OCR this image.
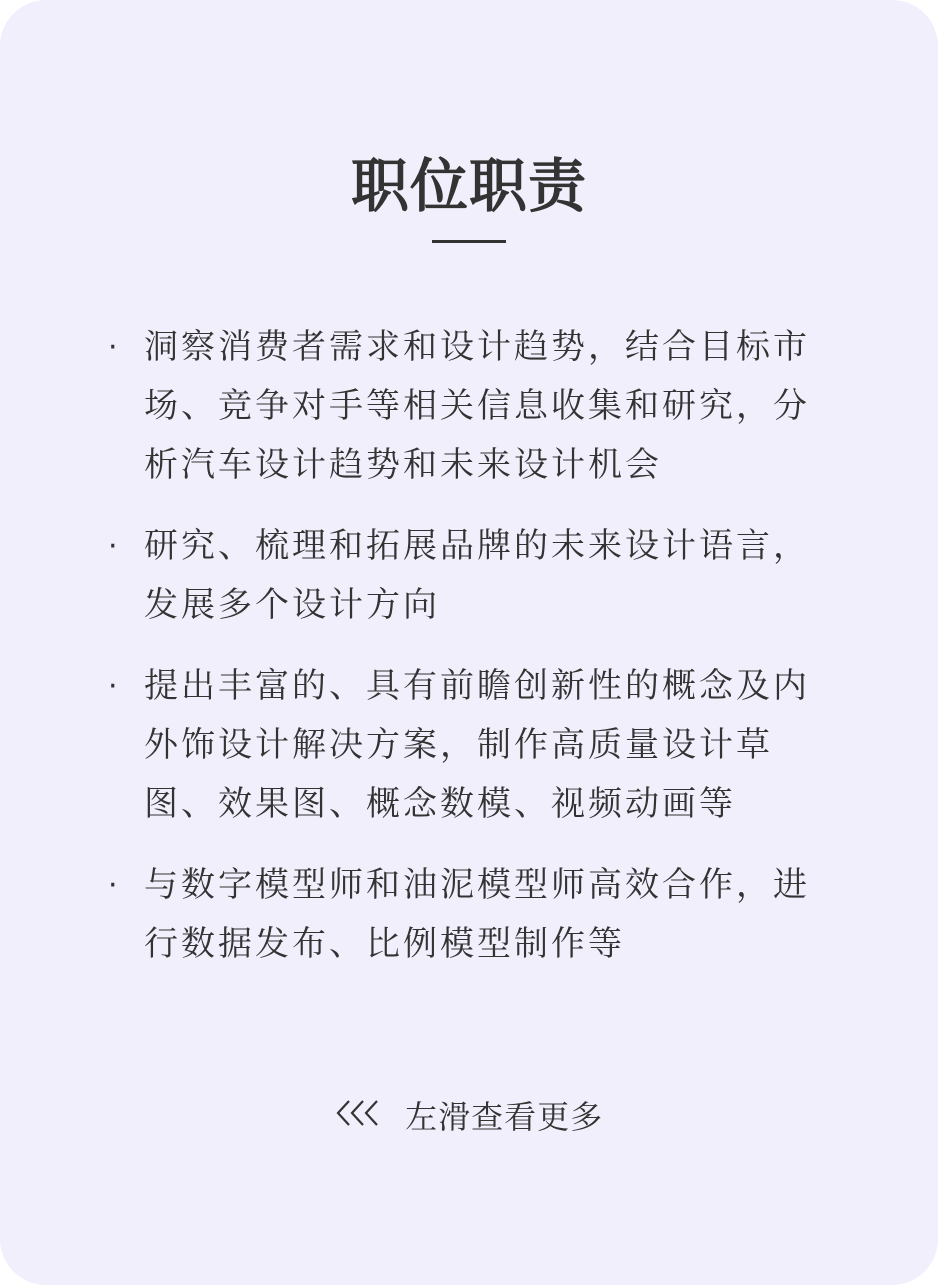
职位职责
· 洞察消费者需求和设计趋势，结合目标市场、竞争对手等相关信息收集和研究，分析汽车设计趋势和未来设计机会
· 研究、梳理和拓展品牌的未来设计语言，发展多个设计方向
· 提出丰富的、具有前瞻创新性的概念及内外饰设计解决方案，制作高质量设计草图、效果图、概念数模、视频动画等
· 与数字模型师和油泥模型师高效合作，进行数据发布、比例模型制作等
左滑查看更多
